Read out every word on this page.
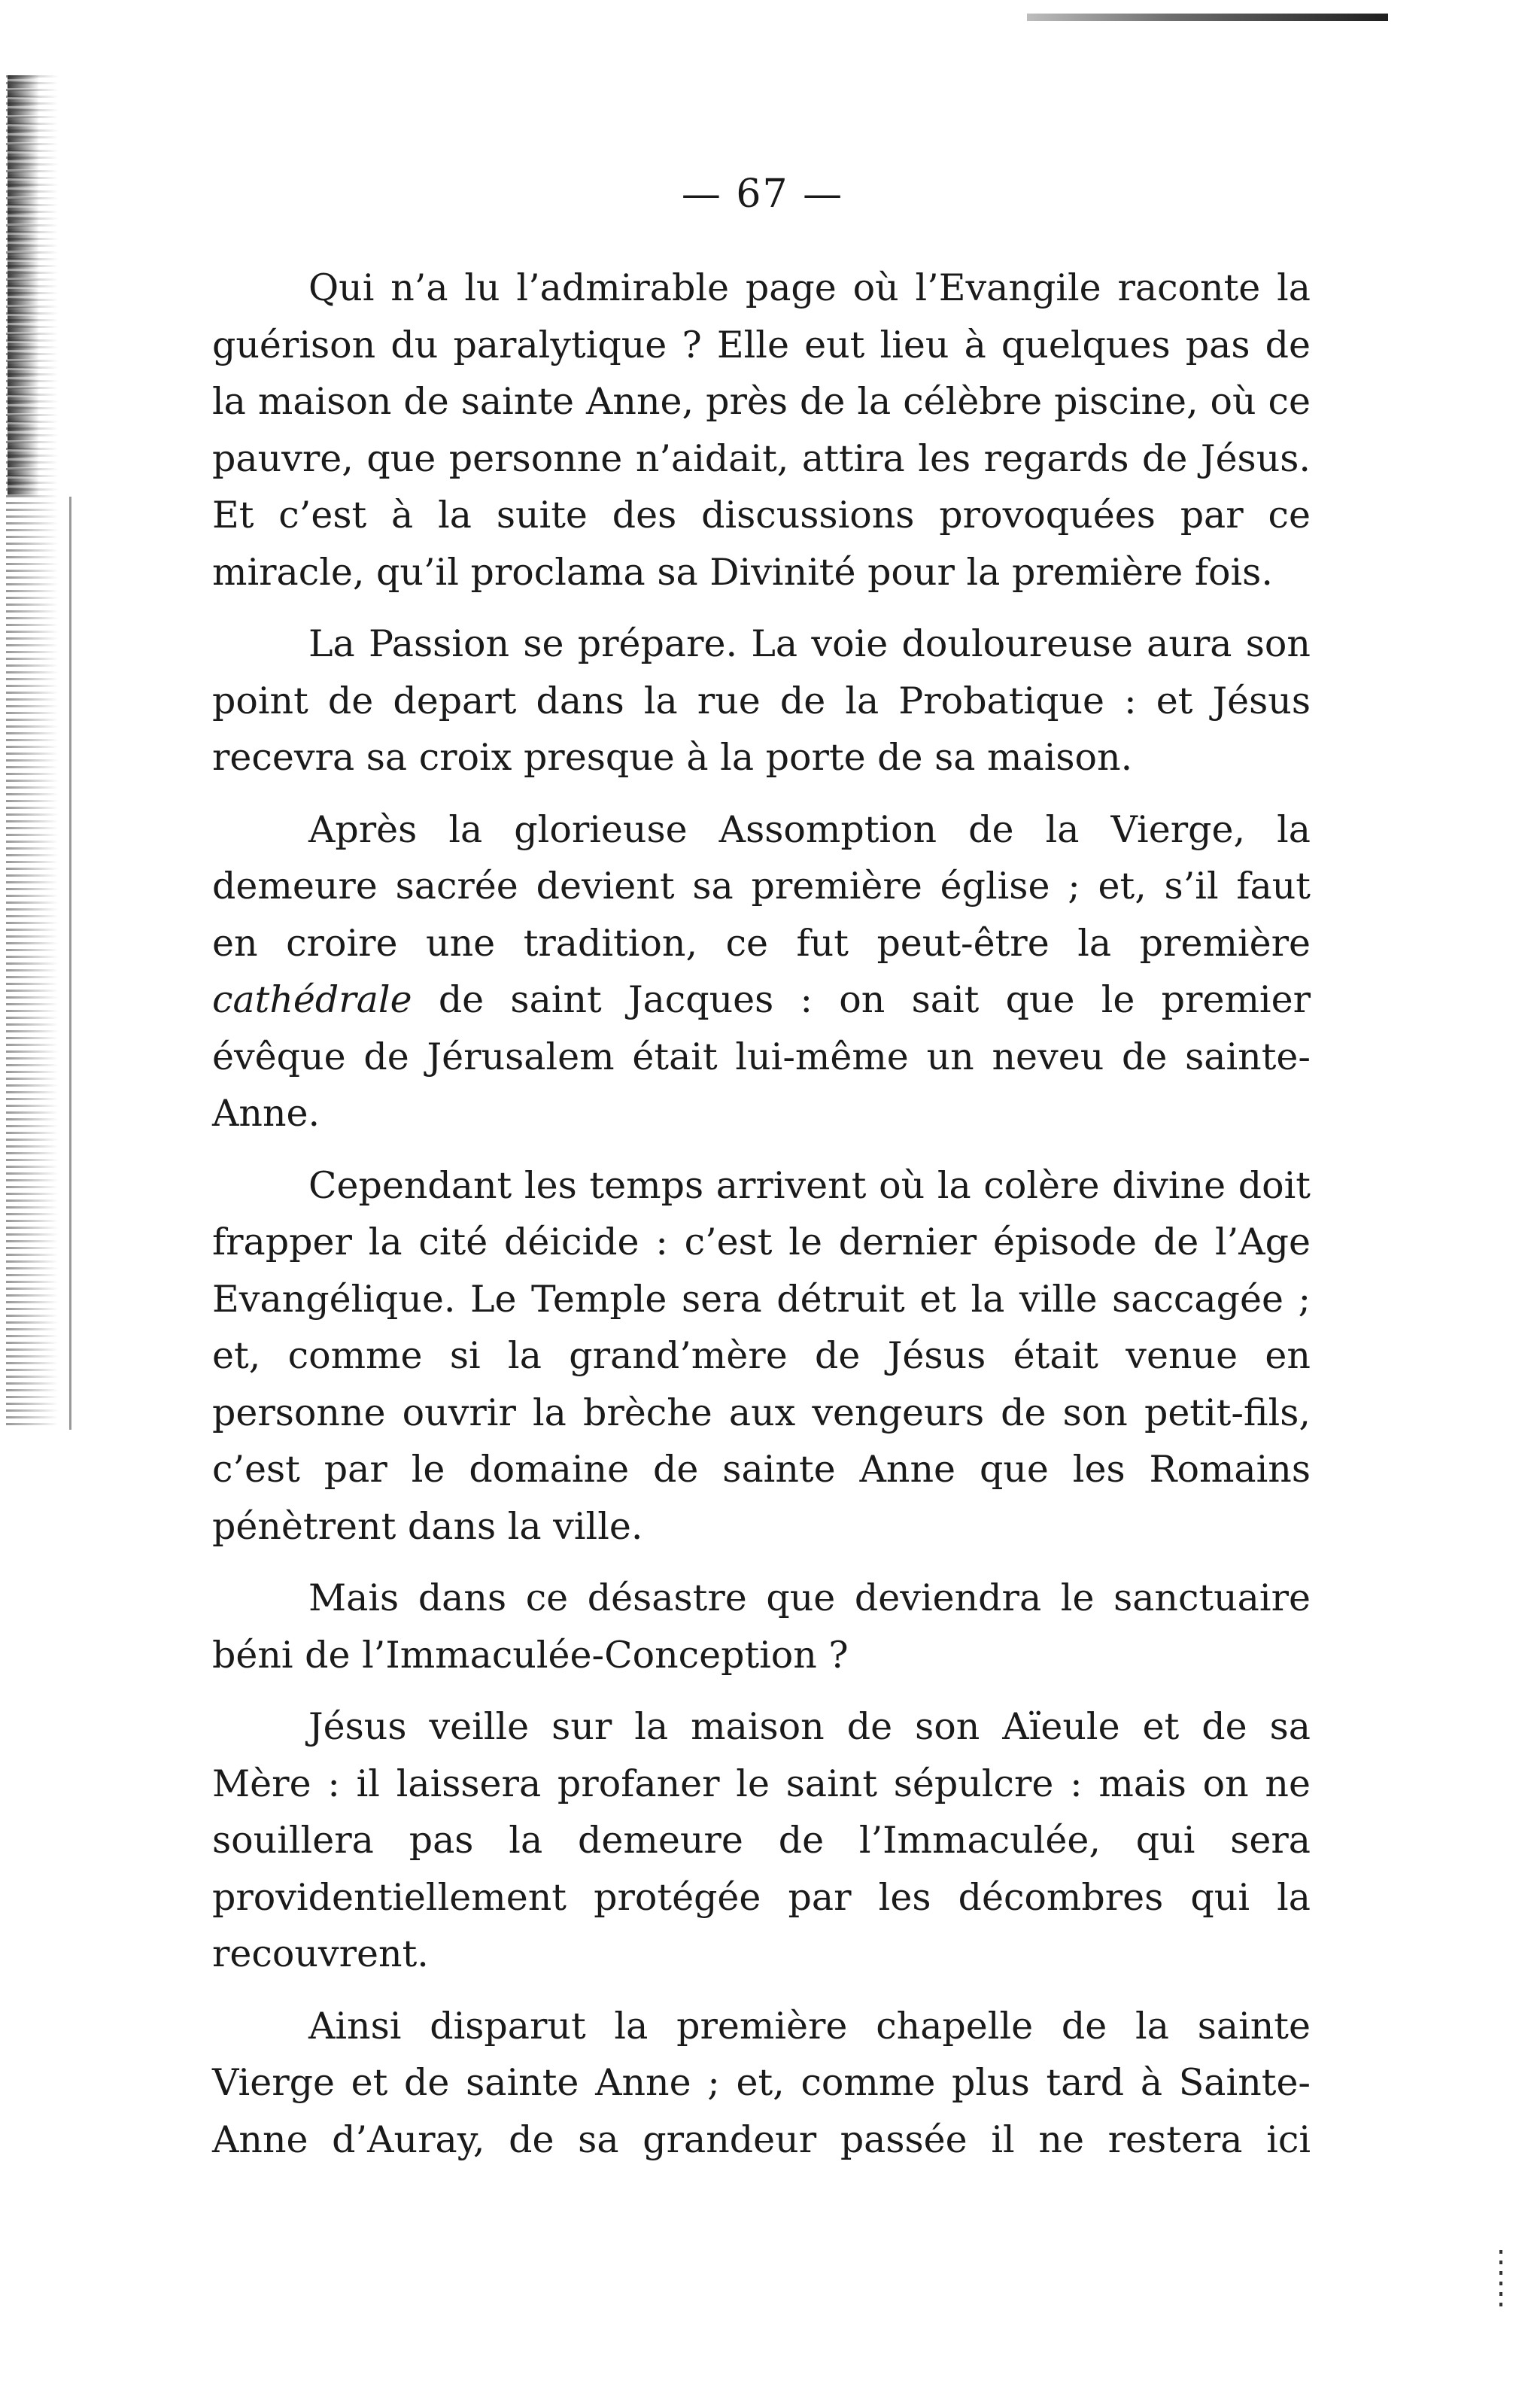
— 67 —

Qui n’a lu l’admirable page où l’Evangile raconte la guérison du paralytique ? Elle eut lieu à quelques pas de la maison de sainte Anne, près de la célèbre piscine, où ce pauvre, que personne n’aidait, attira les regards de Jésus. Et c’est à la suite des discussions provoquées par ce miracle, qu’il proclama sa Divinité pour la première fois.

La Passion se prépare. La voie douloureuse aura son point de depart dans la rue de la Probatique : et Jésus recevra sa croix presque à la porte de sa maison.

Après la glorieuse Assomption de la Vierge, la demeure sacrée devient sa première église ; et, s’il faut en croire une tradition, ce fut peut-être la première cathédrale de saint Jacques : on sait que le premier évêque de Jérusalem était lui-même un neveu de sainte-Anne.

Cependant les temps arrivent où la colère divine doit frapper la cité déicide : c’est le dernier épisode de l’Age Evangélique. Le Temple sera détruit et la ville saccagée ; et, comme si la grand’mère de Jésus était venue en personne ouvrir la brèche aux vengeurs de son petit-fils, c’est par le domaine de sainte Anne que les Romains pénètrent dans la ville.

Mais dans ce désastre que deviendra le sanctuaire béni de l’Immaculée-Conception ?

Jésus veille sur la maison de son Aïeule et de sa Mère : il laissera profaner le saint sépulcre : mais on ne souillera pas la demeure de l’Immaculée, qui sera providentiellement protégée par les décombres qui la recouvrent.

Ainsi disparut la première chapelle de la sainte Vierge et de sainte Anne ; et, comme plus tard à Sainte-Anne d’Auray, de sa grandeur passée il ne restera ici
